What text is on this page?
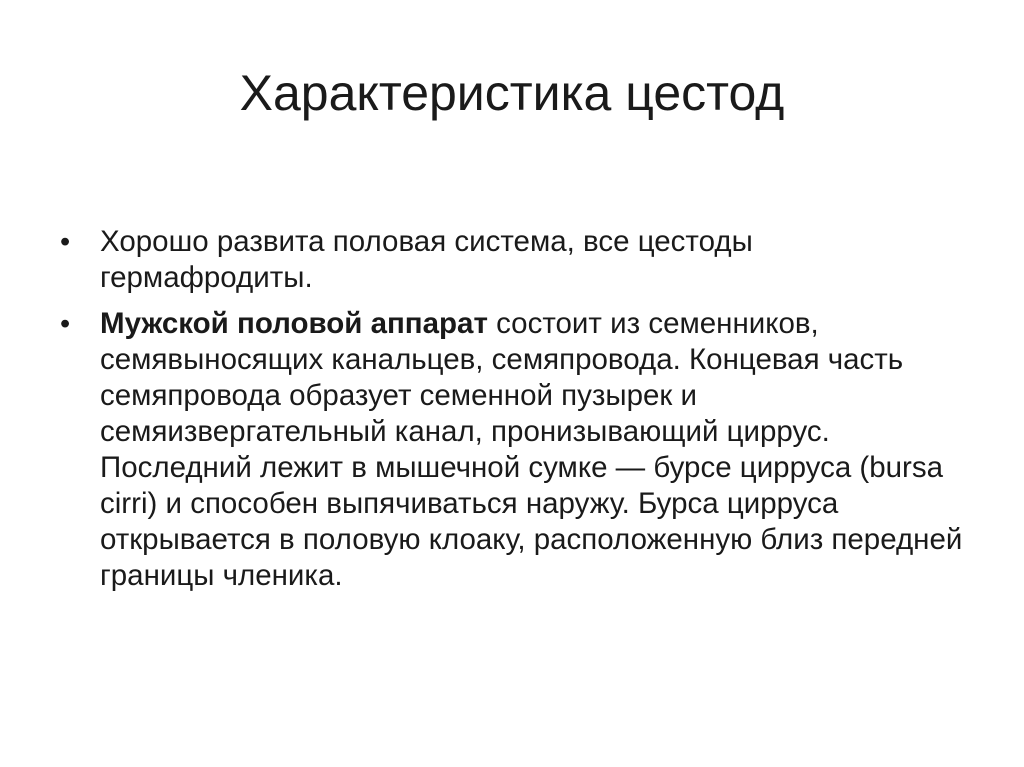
Характеристика цестод
•	Хорошо развита половая система, все цестоды гермафродиты.
•	Мужской половой аппарат состоит из семенников, семявыносящих канальцев, семяпровода. Концевая часть семяпровода образует семенной пузырек и семяизвергательный канал, пронизывающий циррус. Последний лежит в мышечной сумке — бурсе цирруса (bursa cirri) и способен выпячиваться наружу. Бурса цирруса открывается в половую клоаку, расположенную близ передней границы членика.
